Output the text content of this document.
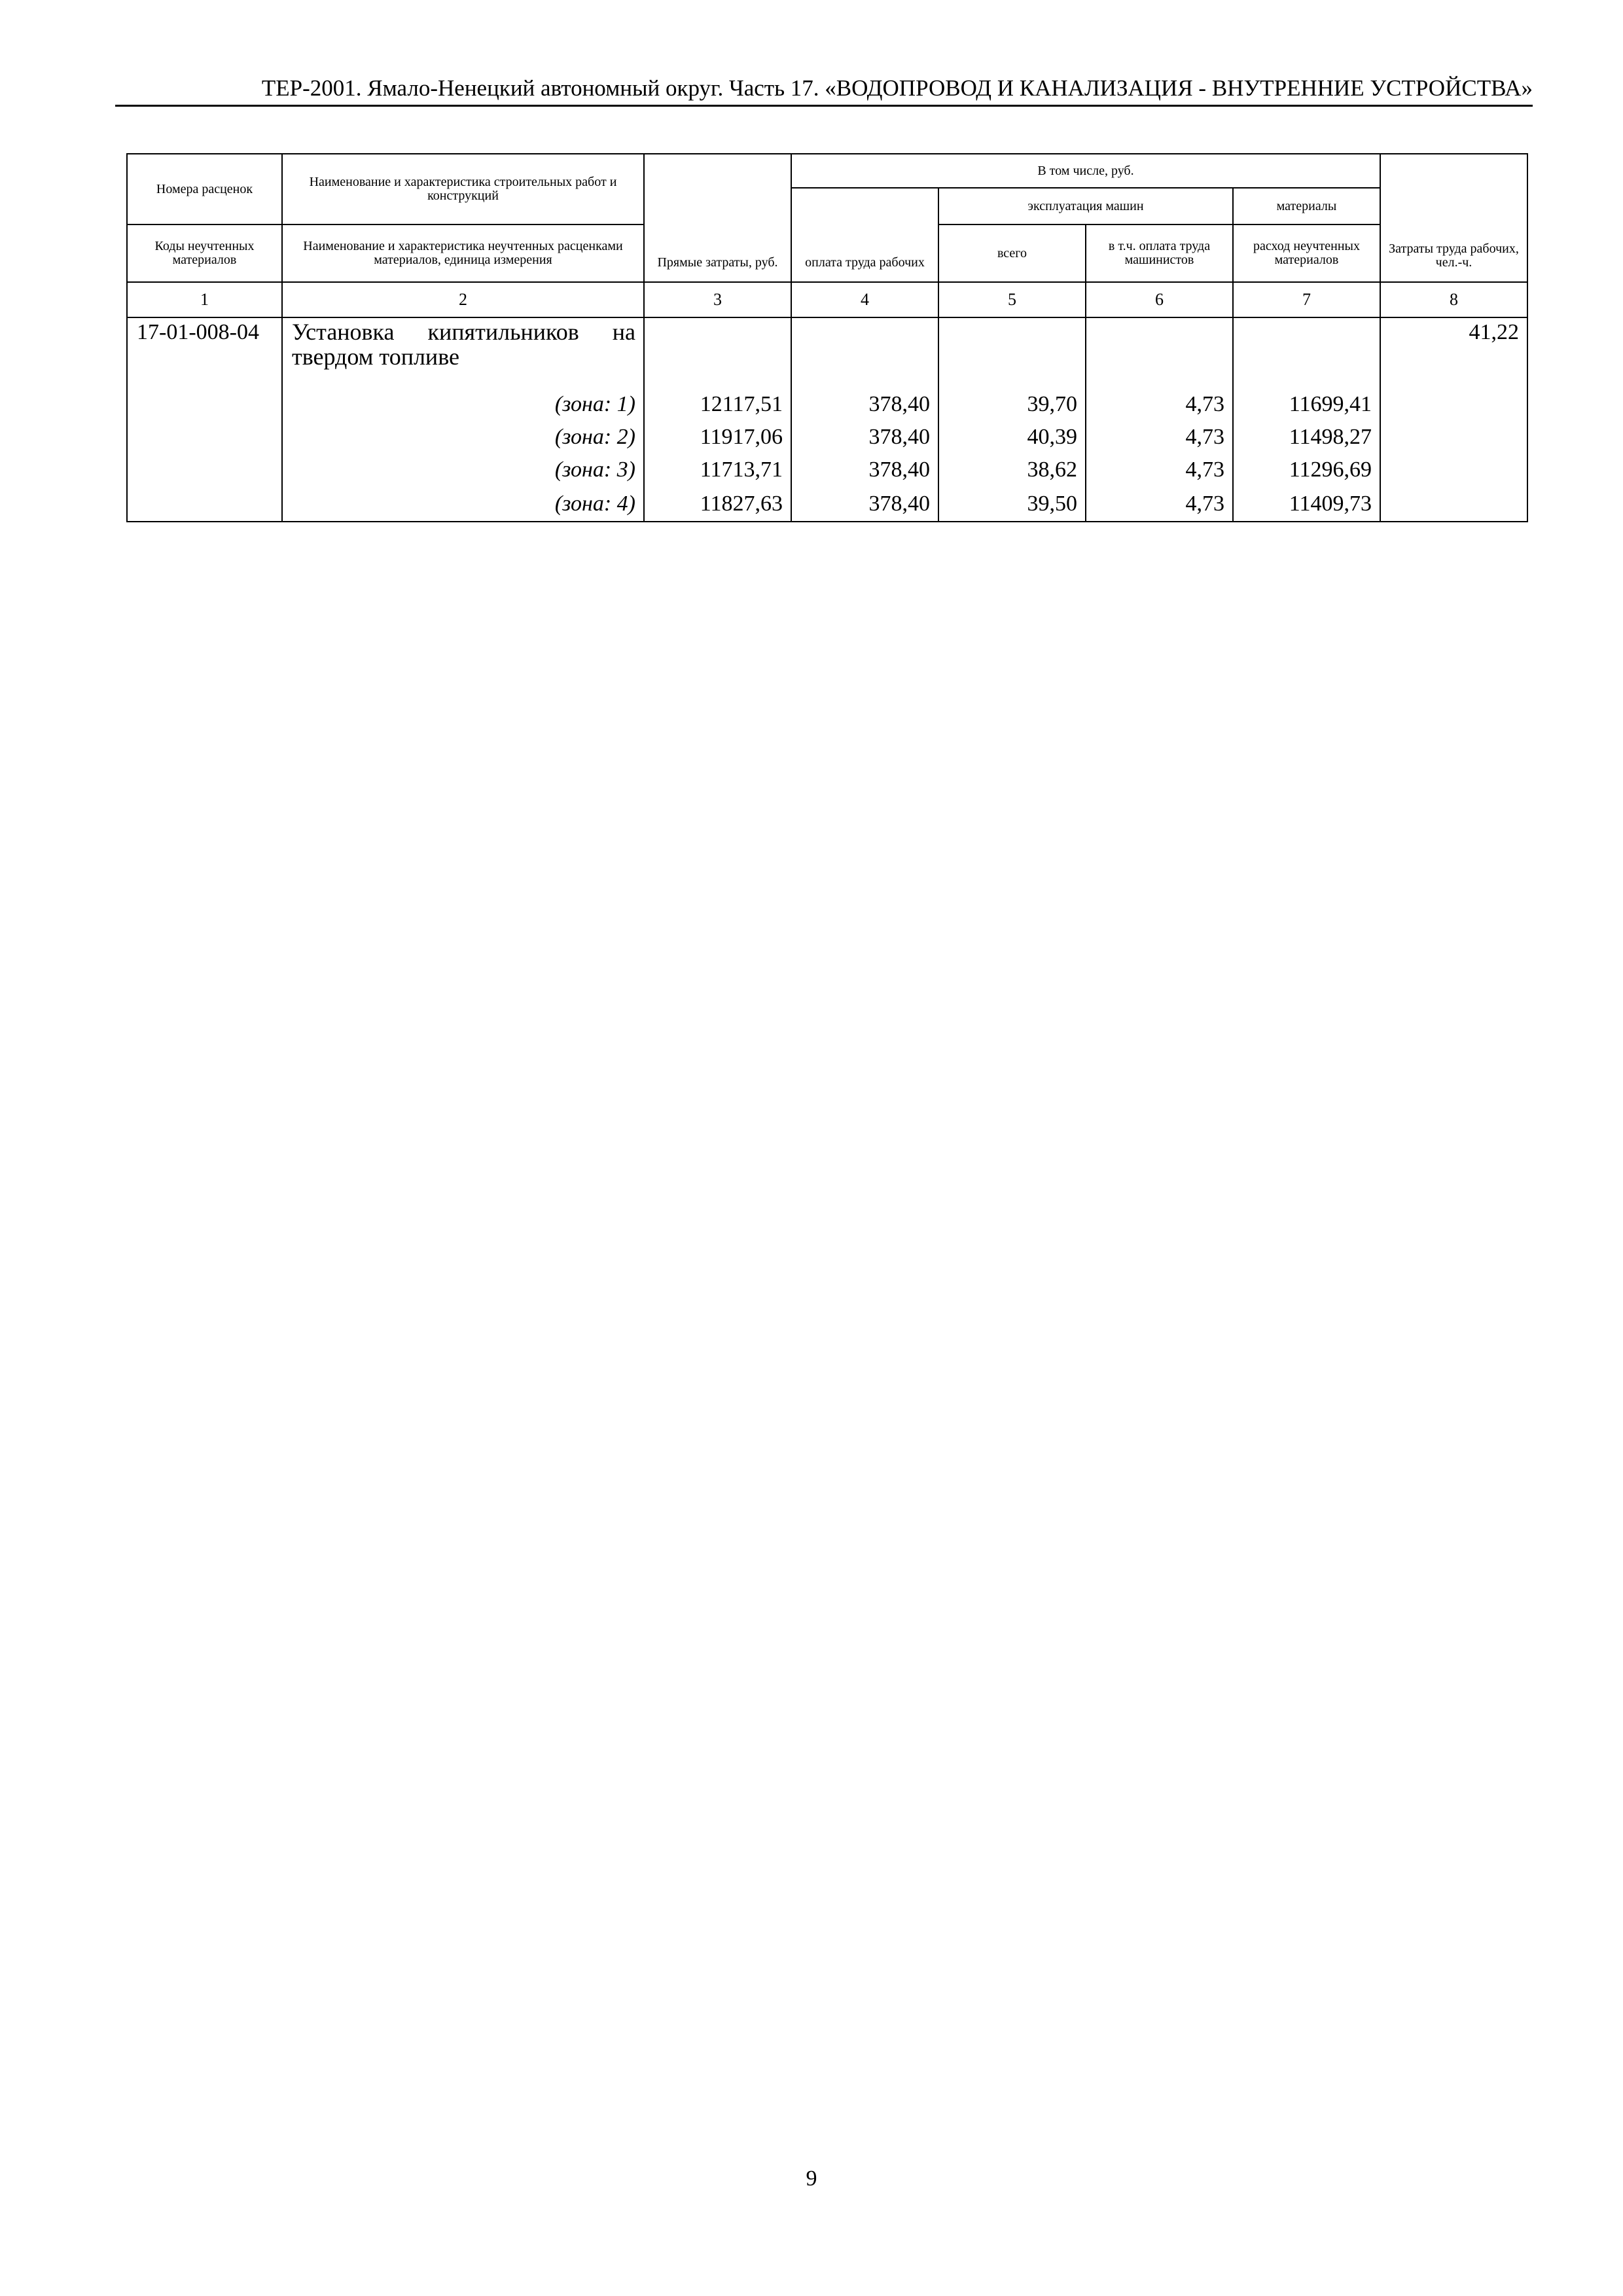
ТЕР-2001. Ямало-Ненецкий автономный округ. Часть 17. «ВОДОПРОВОД И КАНАЛИЗАЦИЯ - ВНУТРЕННИЕ УСТРОЙСТВА»
Номера расценок	Наименование и характеристика строительных работ и конструкций	Прямые затраты, руб.	В том числе, руб.				Затраты труда рабочих, чел.-ч.
			оплата труда рабочих	эксплуатация машин		материалы	
Коды неучтенных материалов	Наименование и характеристика неучтенных расценками материалов, единица измерения			всего	в т.ч. оплата труда машинистов	расход неучтенных материалов	

1	2	3	4	5	6	7	8
17-01-008-04	Установка кипятильников на твердом топливе						41,22
	(зона: 1)	12117,51	378,40	39,70	4,73	11699,41	
	(зона: 2)	11917,06	378,40	40,39	4,73	11498,27	
	(зона: 3)	11713,71	378,40	38,62	4,73	11296,69	
	(зона: 4)	11827,63	378,40	39,50	4,73	11409,73	
9
